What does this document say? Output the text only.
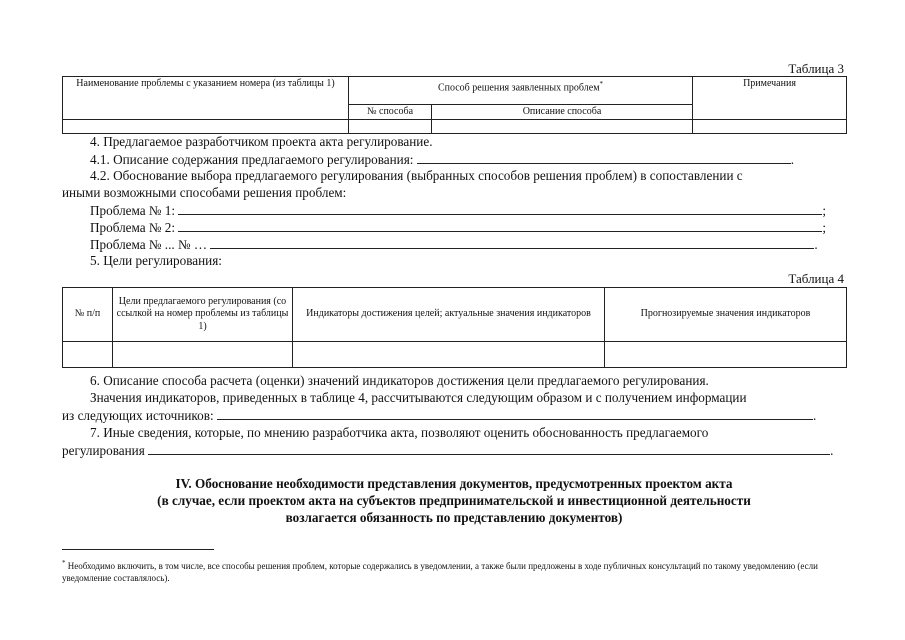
Таблица 3
Наименование проблемы с указанием номера (из таблицы 1)	Способ решения заявленных проблем*		Примечания
	№ способа	Описание способа	

4. Предлагаемое разработчиком проекта акта регулирование.
4.1. Описание содержания предлагаемого регулирования:	.
4.2. Обоснование выбора предлагаемого регулирования (выбранных способов решения проблем) в сопоставлении с
иными возможными способами решения проблем:
Проблема № 1:	;
Проблема № 2:	;
Проблема № ... № …	.
5. Цели регулирования:
Таблица 4
№ п/п	Цели предлагаемого регулирования (со ссылкой на номер проблемы из таблицы 1)	Индикаторы достижения целей; актуальные значения индикаторов	Прогнозируемые значения индикаторов

6. Описание способа расчета (оценки) значений индикаторов достижения цели предлагаемого регулирования.
Значения индикаторов, приведенных в таблице 4, рассчитываются следующим образом и с получением информации
из следующих источников:	.
7. Иные сведения, которые, по мнению разработчика акта, позволяют оценить обоснованность предлагаемого
регулирования	.
IV. Обоснование необходимости представления документов, предусмотренных проектом акта
(в случае, если проектом акта на субъектов предпринимательской и инвестиционной деятельности
возлагается обязанность по представлению документов)
* Необходимо включить, в том числе, все способы решения проблем, которые содержались в уведомлении, а также были предложены в ходе публичных консультаций по такому уведомлению (если уведомление составлялось).
